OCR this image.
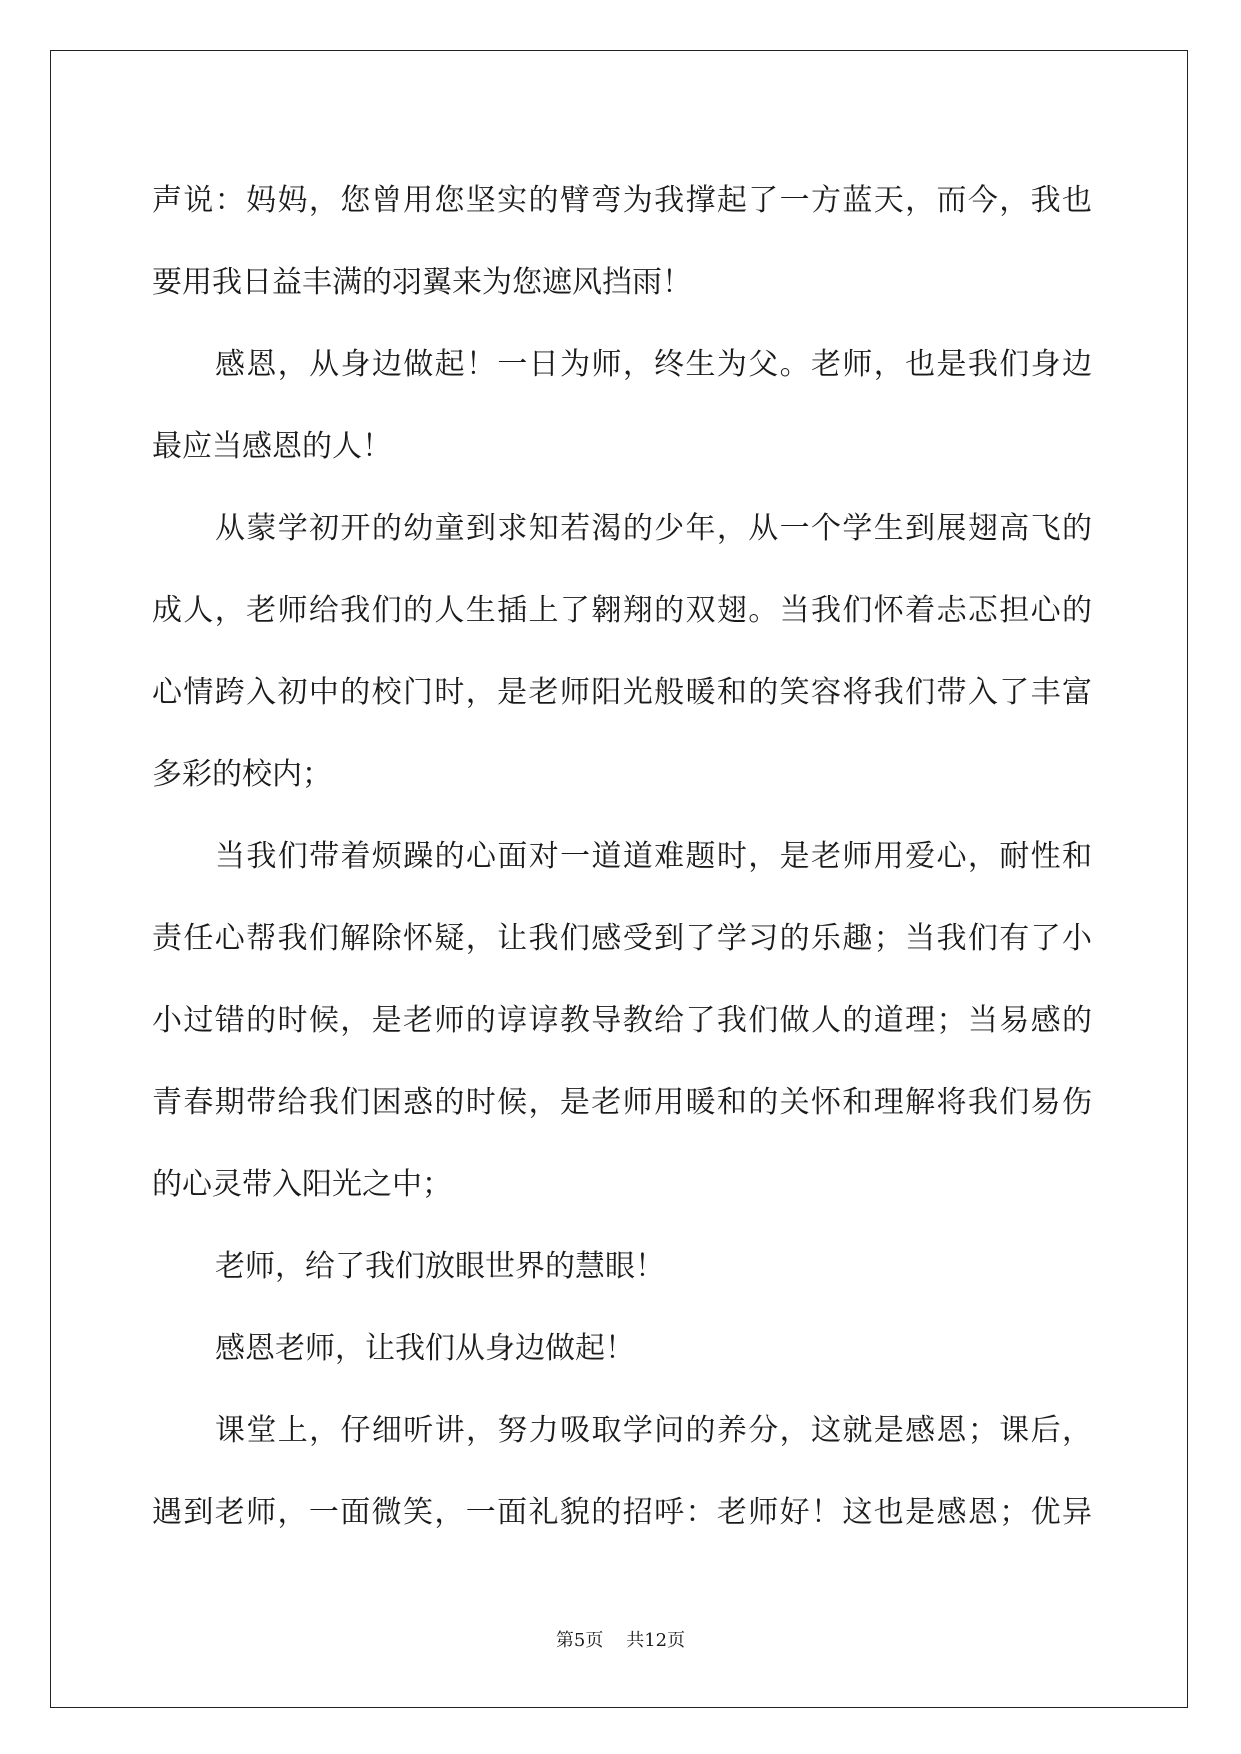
声说：妈妈，您曾用您坚实的臂弯为我撑起了一方蓝天，而今，我也
要用我日益丰满的羽翼来为您遮风挡雨！
感恩，从身边做起！一日为师，终生为父。老师，也是我们身边
最应当感恩的人！
从蒙学初开的幼童到求知若渴的少年，从一个学生到展翅高飞的
成人，老师给我们的人生插上了翱翔的双翅。当我们怀着忐忑担心的
心情跨入初中的校门时，是老师阳光般暖和的笑容将我们带入了丰富
多彩的校内；
当我们带着烦躁的心面对一道道难题时，是老师用爱心，耐性和
责任心帮我们解除怀疑，让我们感受到了学习的乐趣；当我们有了小
小过错的时候，是老师的谆谆教导教给了我们做人的道理；当易感的
青春期带给我们困惑的时候，是老师用暖和的关怀和理解将我们易伤
的心灵带入阳光之中；
老师，给了我们放眼世界的慧眼！
感恩老师，让我们从身边做起！
课堂上，仔细听讲，努力吸取学问的养分，这就是感恩；课后，
遇到老师，一面微笑，一面礼貌的招呼：老师好！这也是感恩；优异
第5页 共12页
